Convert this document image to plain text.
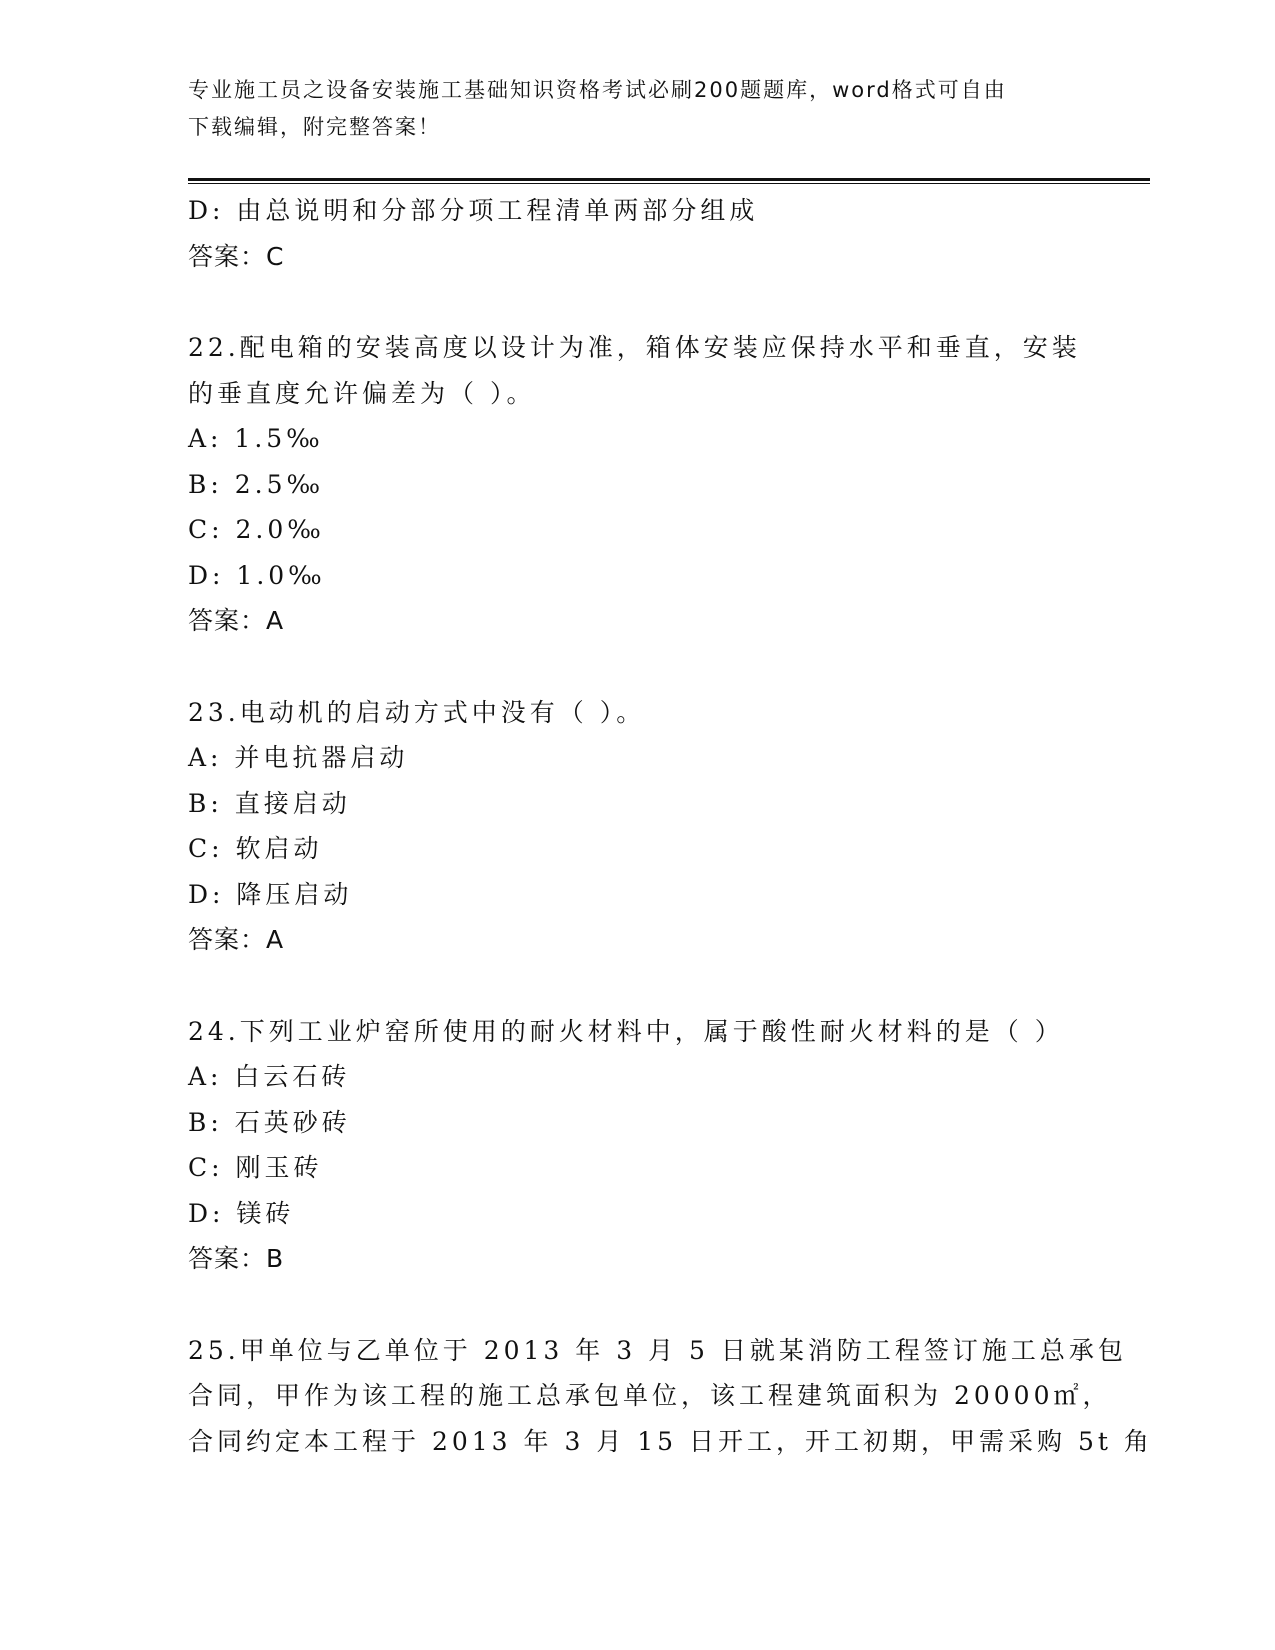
专业施工员之设备安装施工基础知识资格考试必刷200题题库，word格式可自由
下载编辑，附完整答案！
D: 由总说明和分部分项工程清单两部分组成
答案：C
22.配电箱的安装高度以设计为准，箱体安装应保持水平和垂直，安装
的垂直度允许偏差为（ ）。
A: 1.5‰
B: 2.5‰
C: 2.0‰
D: 1.0‰
答案：A
23.电动机的启动方式中没有（ ）。
A: 并电抗器启动
B: 直接启动
C: 软启动
D: 降压启动
答案：A
24.下列工业炉窑所使用的耐火材料中，属于酸性耐火材料的是（ ）
A: 白云石砖
B: 石英砂砖
C: 刚玉砖
D: 镁砖
答案：B
25.甲单位与乙单位于 2013 年 3 月 5 日就某消防工程签订施工总承包
合同，甲作为该工程的施工总承包单位，该工程建筑面积为 20000㎡，
合同约定本工程于 2013 年 3 月 15 日开工，开工初期，甲需采购 5t 角
